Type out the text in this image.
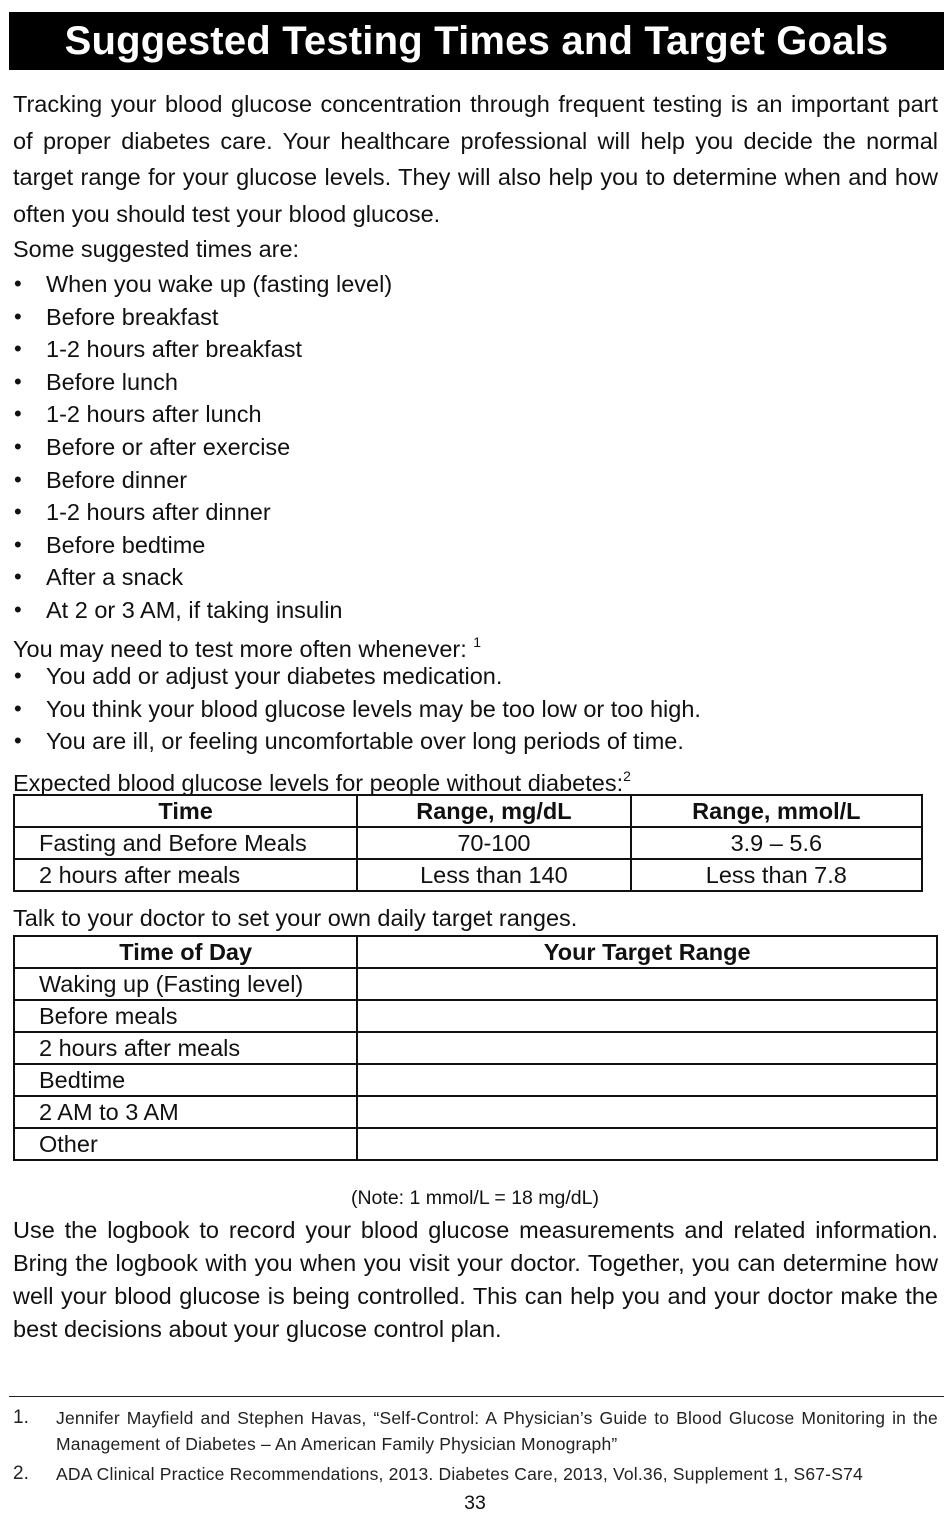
Suggested Testing Times and Target Goals

Tracking your blood glucose concentration through frequent testing is an important part of proper diabetes care. Your healthcare professional will help you decide the normal target range for your glucose levels. They will also help you to determine when and how often you should test your blood glucose.

Some suggested times are:
• When you wake up (fasting level)
• Before breakfast
• 1-2 hours after breakfast
• Before lunch
• 1-2 hours after lunch
• Before or after exercise
• Before dinner
• 1-2 hours after dinner
• Before bedtime
• After a snack
• At 2 or 3 AM, if taking insulin
You may need to test more often whenever: $^1$
• You add or adjust your diabetes medication.
• You think your blood glucose levels may be too low or too high.
• You are ill, or feeling uncomfortable over long periods of time.
Expected blood glucose levels for people without diabetes:$^2$
Time	Range, mg/dL	Range, mmol/L
Fasting and Before Meals	70-100	3.9 – 5.6
2 hours after meals	Less than 140	Less than 7.8
Talk to your doctor to set your own daily target ranges.
Time of Day	Your Target Range
Waking up (Fasting level)	
Before meals	
2 hours after meals	
Bedtime	
2 AM to 3 AM	
Other	
(Note: 1 mmol/L = 18 mg/dL)

Use the logbook to record your blood glucose measurements and related information. Bring the logbook with you when you visit your doctor. Together, you can determine how well your blood glucose is being controlled. This can help you and your doctor make the best decisions about your glucose control plan.

1. Jennifer Mayfield and Stephen Havas, “Self-Control: A Physician’s Guide to Blood Glucose Monitoring in the Management of Diabetes – An American Family Physician Monograph”
2. ADA Clinical Practice Recommendations, 2013. Diabetes Care, 2013, Vol.36, Supplement 1, S67-S74
33
